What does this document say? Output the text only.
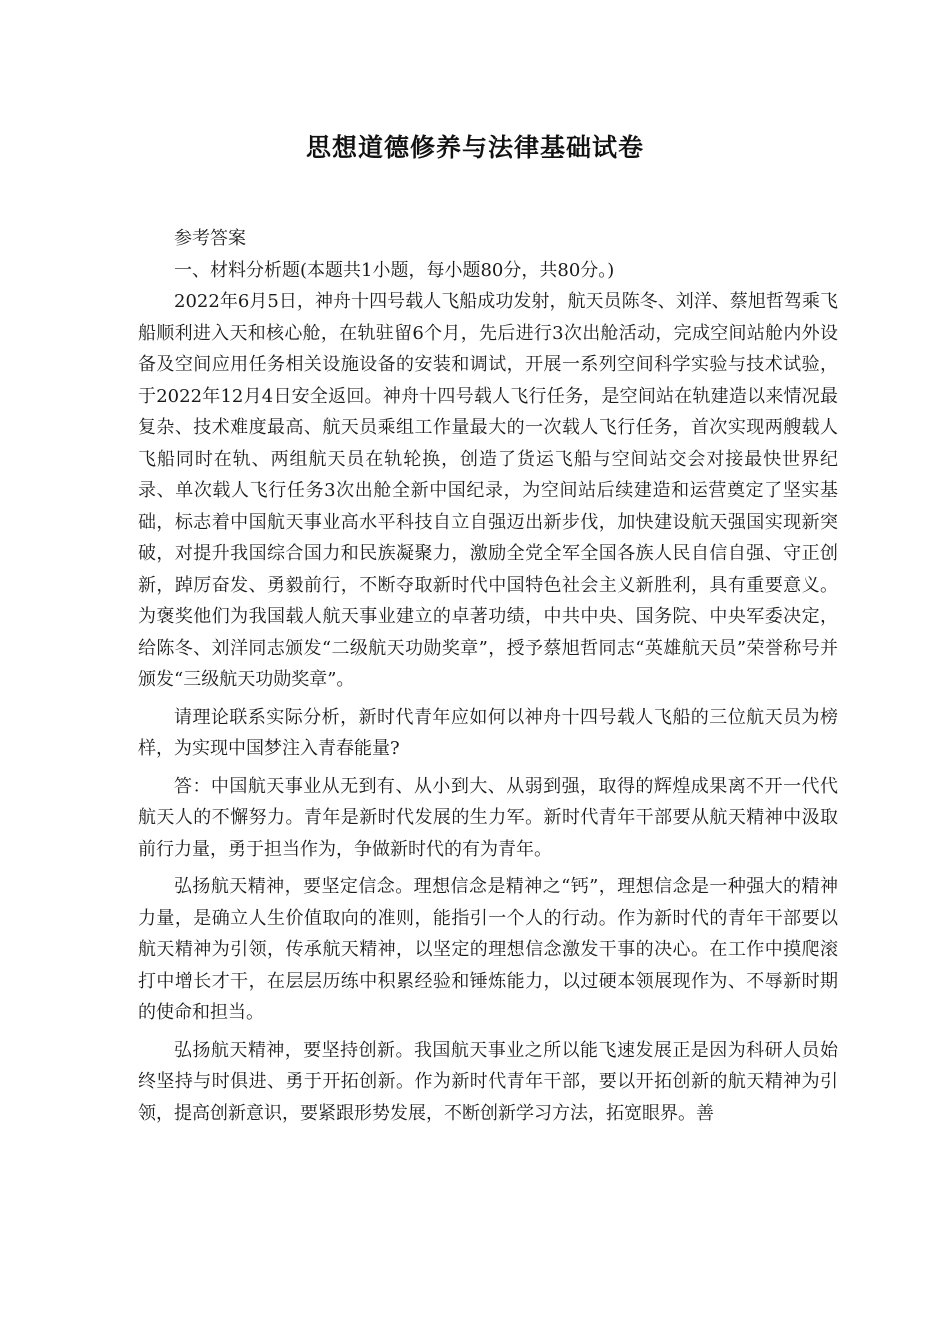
思想道德修养与法律基础试卷

参考答案

一、材料分析题(本题共1小题，每小题80分，共80分。)

2022年6月5日，神舟十四号载人飞船成功发射，航天员陈冬、刘洋、蔡旭哲驾乘飞船顺利进入天和核心舱，在轨驻留6个月，先后进行3次出舱活动，完成空间站舱内外设备及空间应用任务相关设施设备的安装和调试，开展一系列空间科学实验与技术试验，于2022年12月4日安全返回。神舟十四号载人飞行任务，是空间站在轨建造以来情况最复杂、技术难度最高、航天员乘组工作量最大的一次载人飞行任务，首次实现两艘载人飞船同时在轨、两组航天员在轨轮换，创造了货运飞船与空间站交会对接最快世界纪录、单次载人飞行任务3次出舱全新中国纪录，为空间站后续建造和运营奠定了坚实基础，标志着中国航天事业高水平科技自立自强迈出新步伐，加快建设航天强国实现新突破，对提升我国综合国力和民族凝聚力，激励全党全军全国各族人民自信自强、守正创新，踔厉奋发、勇毅前行，不断夺取新时代中国特色社会主义新胜利，具有重要意义。为褒奖他们为我国载人航天事业建立的卓著功绩，中共中央、国务院、中央军委决定，给陈冬、刘洋同志颁发“二级航天功勋奖章”，授予蔡旭哲同志“英雄航天员”荣誉称号并颁发“三级航天功勋奖章”。

请理论联系实际分析，新时代青年应如何以神舟十四号载人飞船的三位航天员为榜样，为实现中国梦注入青春能量?

答：中国航天事业从无到有、从小到大、从弱到强，取得的辉煌成果离不开一代代航天人的不懈努力。青年是新时代发展的生力军。新时代青年干部要从航天精神中汲取前行力量，勇于担当作为，争做新时代的有为青年。

弘扬航天精神，要坚定信念。理想信念是精神之“钙”，理想信念是一种强大的精神力量，是确立人生价值取向的准则，能指引一个人的行动。作为新时代的青年干部要以航天精神为引领，传承航天精神，以坚定的理想信念激发干事的决心。在工作中摸爬滚打中增长才干，在层层历练中积累经验和锤炼能力，以过硬本领展现作为、不辱新时期的使命和担当。

弘扬航天精神，要坚持创新。我国航天事业之所以能飞速发展正是因为科研人员始终坚持与时俱进、勇于开拓创新。作为新时代青年干部，要以开拓创新的航天精神为引领，提高创新意识，要紧跟形势发展，不断创新学习方法，拓宽眼界。善
